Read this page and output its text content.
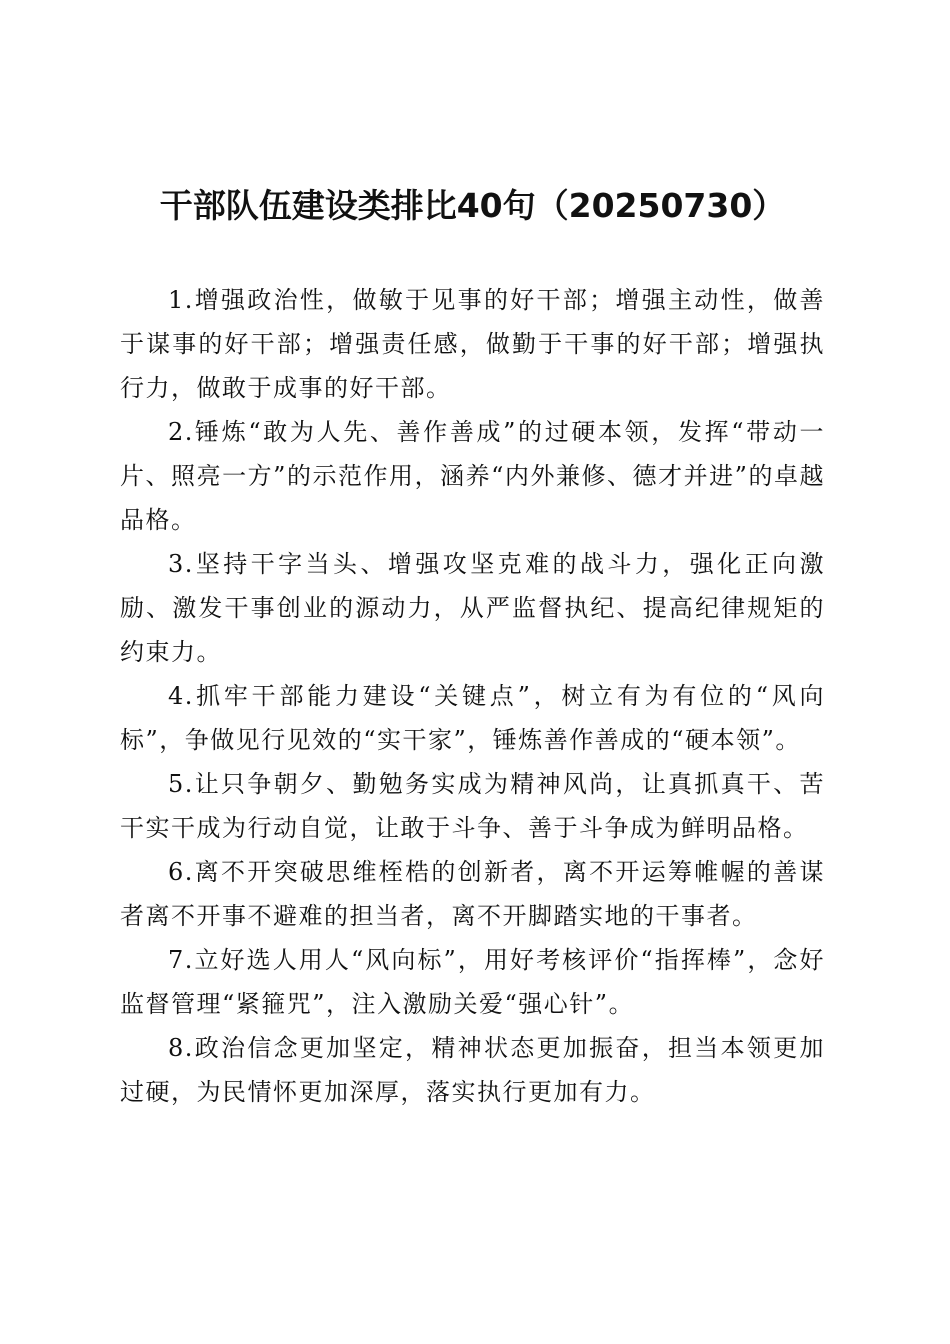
干部队伍建设类排比40句（20250730）

1.增强政治性，做敏于见事的好干部；增强主动性，做善于谋事的好干部；增强责任感，做勤于干事的好干部；增强执行力，做敢于成事的好干部。

2.锤炼“敢为人先、善作善成”的过硬本领，发挥“带动一片、照亮一方”的示范作用，涵养“内外兼修、德才并进”的卓越品格。

3.坚持干字当头、增强攻坚克难的战斗力，强化正向激励、激发干事创业的源动力，从严监督执纪、提高纪律规矩的约束力。

4.抓牢干部能力建设“关键点”，树立有为有位的“风向标”，争做见行见效的“实干家”，锤炼善作善成的“硬本领”。

5.让只争朝夕、勤勉务实成为精神风尚，让真抓真干、苦干实干成为行动自觉，让敢于斗争、善于斗争成为鲜明品格。

6.离不开突破思维桎梏的创新者，离不开运筹帷幄的善谋者离不开事不避难的担当者，离不开脚踏实地的干事者。

7.立好选人用人“风向标”，用好考核评价“指挥棒”，念好监督管理“紧箍咒”，注入激励关爱“强心针”。

8.政治信念更加坚定，精神状态更加振奋，担当本领更加过硬，为民情怀更加深厚，落实执行更加有力。
